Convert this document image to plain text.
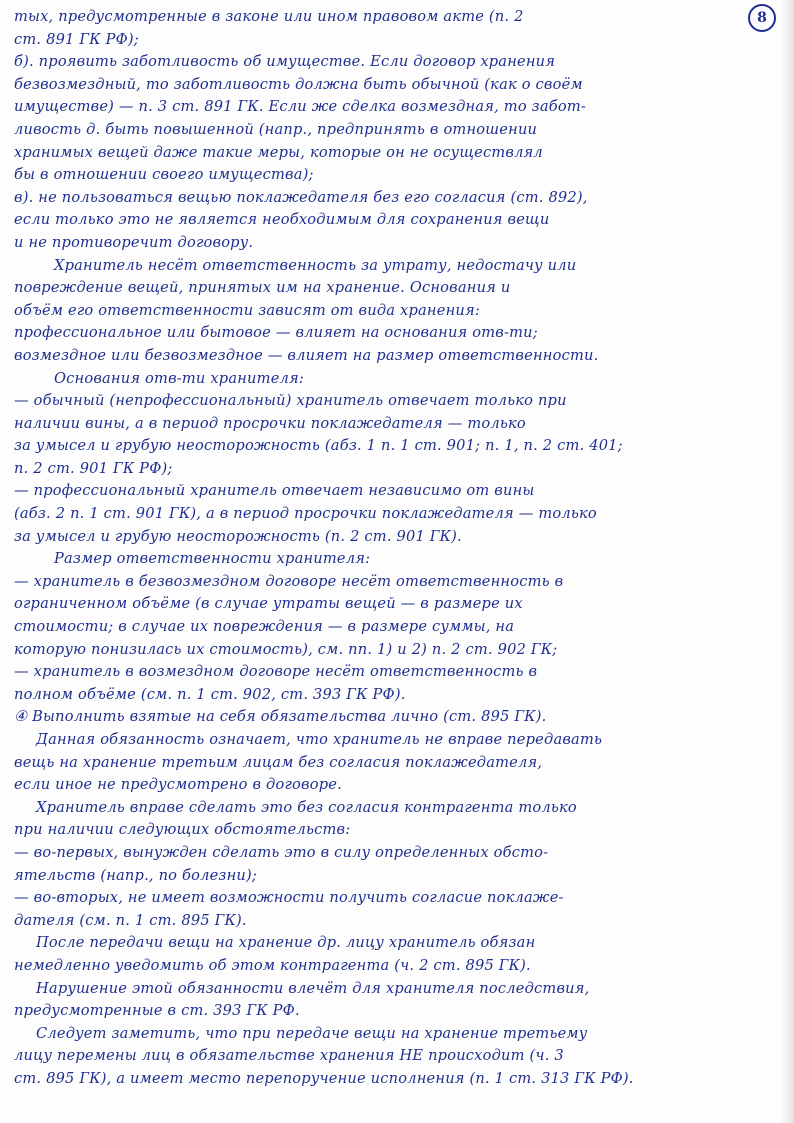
8
тых, предусмотренные в законе или ином правовом акте (п. 2
ст. 891 ГК РФ);
б). проявить заботливость об имуществе. Если договор хранения
безвозмездный, то заботливость должна быть обычной (как о своём
имуществе) — п. 3 ст. 891 ГК. Если же сделка возмездная, то забот-
ливость д. быть повышенной (напр., предпринять в отношении
хранимых вещей даже такие меры, которые он не осуществлял
бы в отношении своего имущества);
в). не пользоваться вещью поклажедателя без его согласия (ст. 892),
если только это не является необходимым для сохранения вещи
и не противоречит договору.
Хранитель несёт ответственность за утрату, недостачу или
повреждение вещей, принятых им на хранение. Основания и
объём его ответственности зависят от вида хранения:
профессиональное или бытовое — влияет на основания отв-ти;
возмездное или безвозмездное — влияет на размер ответственности.
Основания отв-ти хранителя:
— обычный (непрофессиональный) хранитель отвечает только при
наличии вины, а в период просрочки поклажедателя — только
за умысел и грубую неосторожность (абз. 1 п. 1 ст. 901; п. 1, п. 2 ст. 401;
п. 2 ст. 901 ГК РФ);
— профессиональный хранитель отвечает независимо от вины
(абз. 2 п. 1 ст. 901 ГК), а в период просрочки поклажедателя — только
за умысел и грубую неосторожность (п. 2 ст. 901 ГК).
Размер ответственности хранителя:
— хранитель в безвозмездном договоре несёт ответственность в
ограниченном объёме (в случае утраты вещей — в размере их
стоимости; в случае их повреждения — в размере суммы, на
которую понизилась их стоимость), см. пп. 1) и 2) п. 2 ст. 902 ГК;
— хранитель в возмездном договоре несёт ответственность в
полном объёме (см. п. 1 ст. 902, ст. 393 ГК РФ).
④ Выполнить взятые на себя обязательства лично (ст. 895 ГК).
Данная обязанность означает, что хранитель не вправе передавать
вещь на хранение третьим лицам без согласия поклажедателя,
если иное не предусмотрено в договоре.
Хранитель вправе сделать это без согласия контрагента только
при наличии следующих обстоятельств:
— во-первых, вынужден сделать это в силу определенных обсто-
ятельств (напр., по болезни);
— во-вторых, не имеет возможности получить согласие поклаже-
дателя (см. п. 1 ст. 895 ГК).
После передачи вещи на хранение др. лицу хранитель обязан
немедленно уведомить об этом контрагента (ч. 2 ст. 895 ГК).
Нарушение этой обязанности влечёт для хранителя последствия,
предусмотренные в ст. 393 ГК РФ.
Следует заметить, что при передаче вещи на хранение третьему
лицу перемены лиц в обязательстве хранения НЕ происходит (ч. 3
ст. 895 ГК), а имеет место перепоручение исполнения (п. 1 ст. 313 ГК РФ).
